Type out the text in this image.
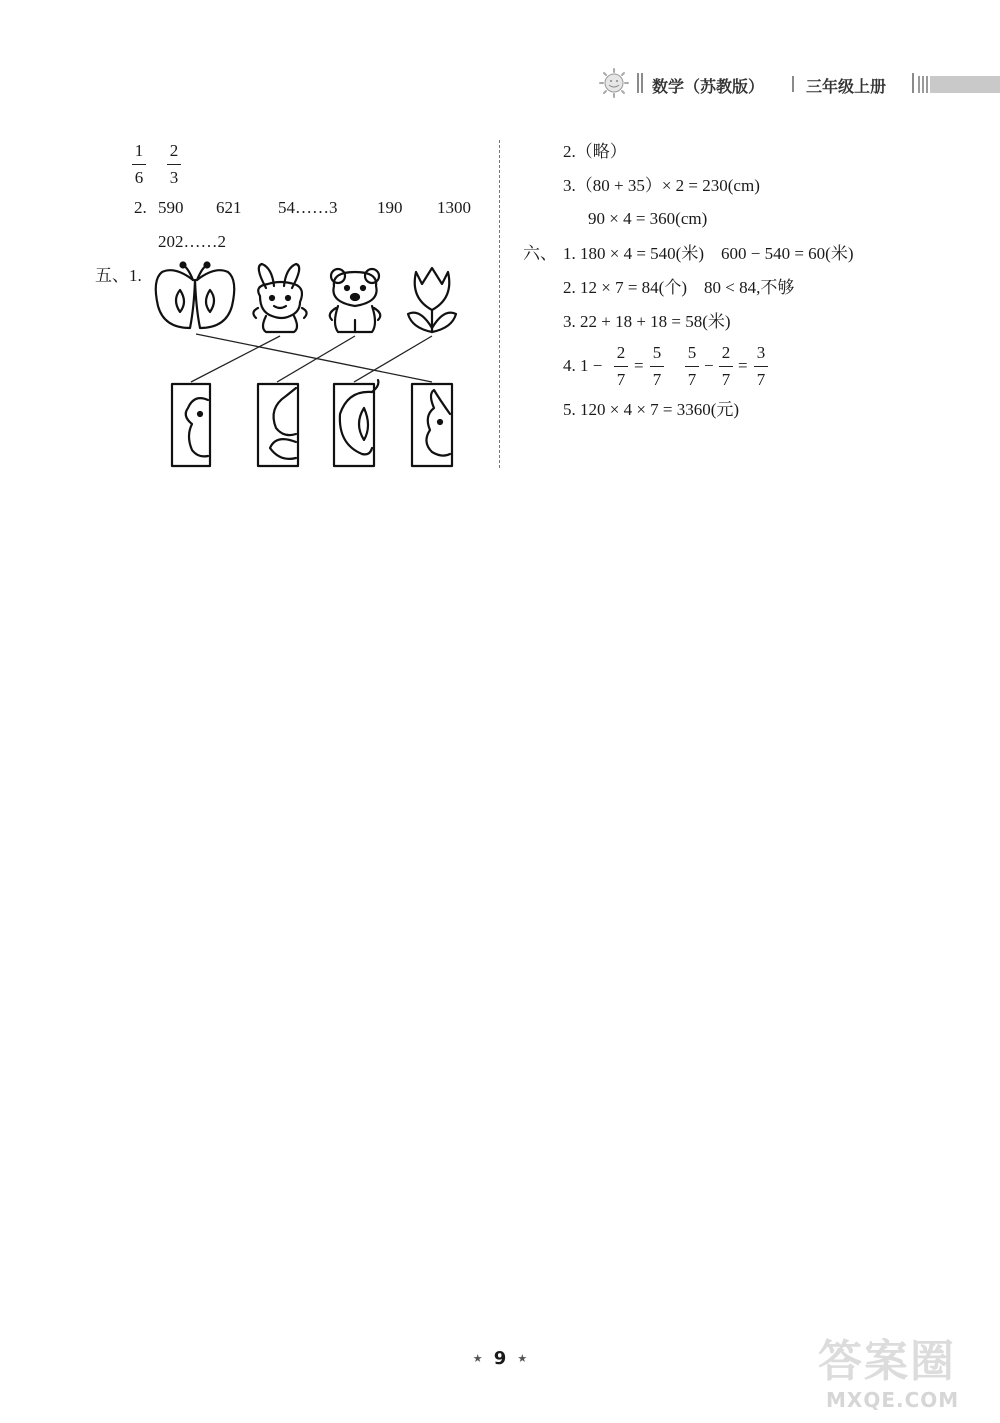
数学（苏教版）	三年级上册
1
6
2
3
2. 590 621 54……3 190 1300
202……2
五、1.
2.（略）
3.（80 + 35）× 2 = 230(cm)
90 × 4 = 360(cm)
六、 1. 180 × 4 = 540(米)　600 − 540 = 60(米)
2. 12 × 7 = 84(个)　80 < 84,不够
3. 22 + 18 + 18 = 58(米)
4. 1 −
2
7
=
5
7
5
7
−
2
7
=
3
7
5. 120 × 4 × 7 = 3360(元)
★ 9 ★	答案圈
MXQE.COM
